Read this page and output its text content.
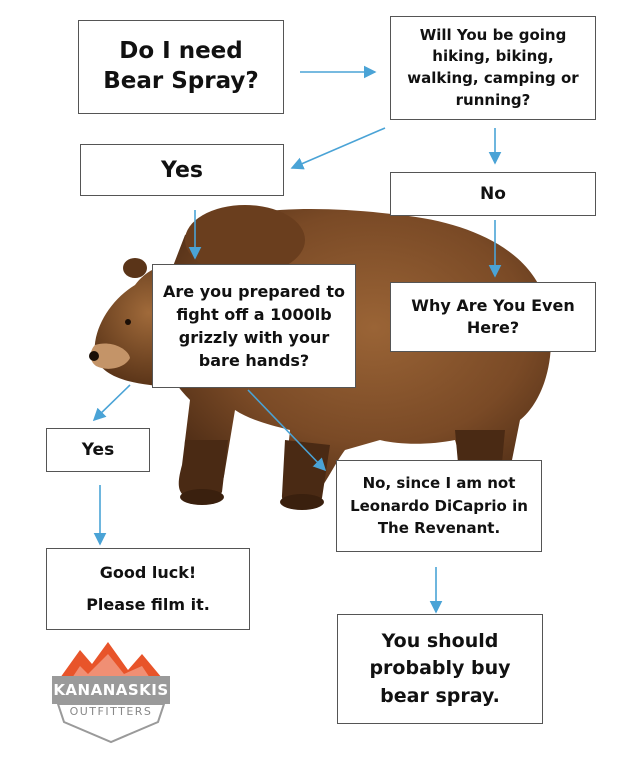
Do I need Bear Spray?
Will You be going hiking, biking, walking, camping or running?
Yes
No
Are you prepared to fight off a 1000lb grizzly with your bare hands?
Why Are You Even Here?
Yes
No, since I am not Leonardo DiCaprio in The Revenant.
Good luck!
Please film it.
You should probably buy bear spray.
KANANASKIS
OUTFITTERS
